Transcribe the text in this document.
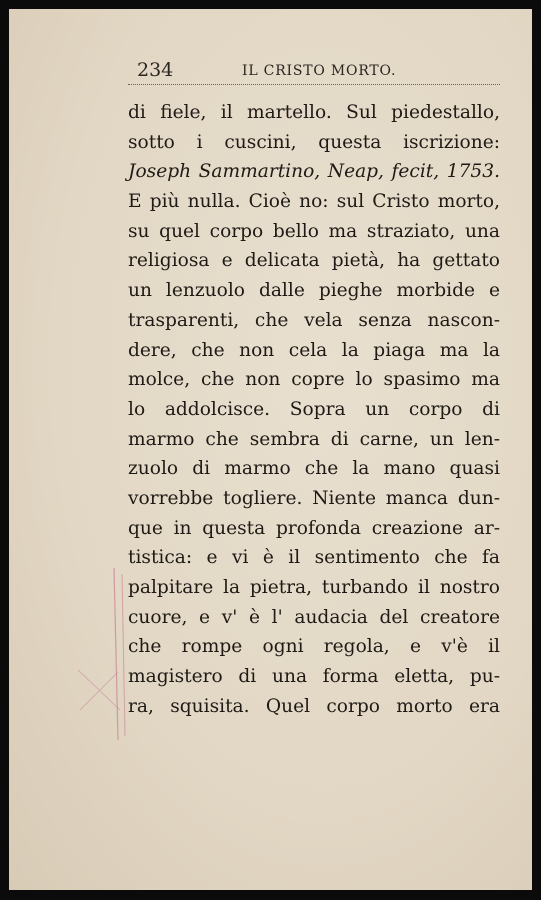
234	IL CRISTO MORTO.
di fiele, il martello. Sul piedestallo,
sotto i cuscini, questa iscrizione:
Joseph Sammartino, Neap, fecit, 1753.
E più nulla. Cioè no: sul Cristo morto,
su quel corpo bello ma straziato, una
religiosa e delicata pietà, ha gettato
un lenzuolo dalle pieghe morbide e
trasparenti, che vela senza nascon-
dere, che non cela la piaga ma la
molce, che non copre lo spasimo ma
lo addolcisce. Sopra un corpo di
marmo che sembra di carne, un len-
zuolo di marmo che la mano quasi
vorrebbe togliere. Niente manca dun-
que in questa profonda creazione ar-
tistica: e vi è il sentimento che fa
palpitare la pietra, turbando il nostro
cuore, e v' è l' audacia del creatore
che rompe ogni regola, e v'è il
magistero di una forma eletta, pu-
ra, squisita. Quel corpo morto era
